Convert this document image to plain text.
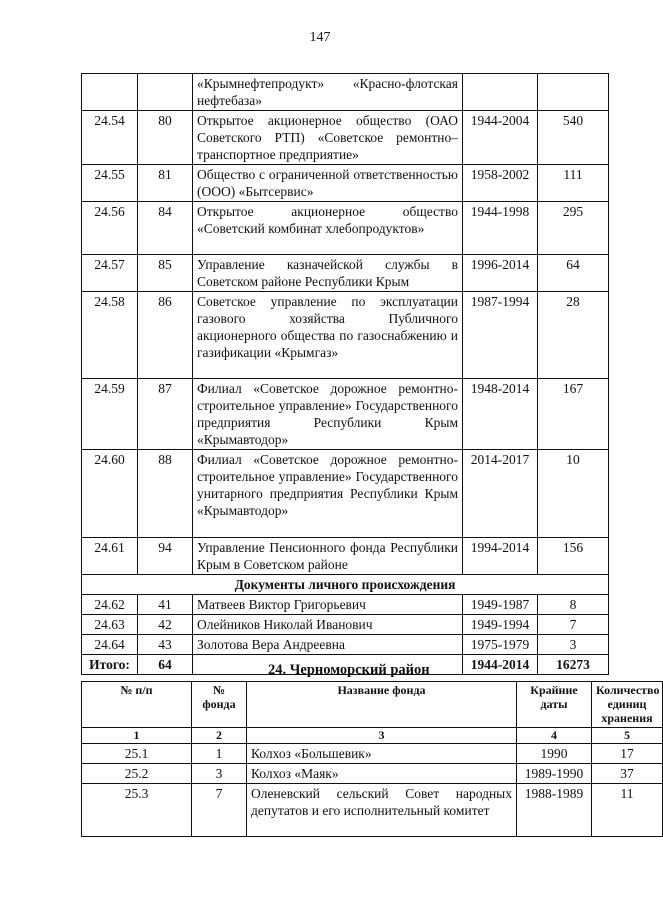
147
		«Крымнефтепродукт» «Красно-флотская нефтебаза»		
24.54	80	Открытое акционерное общество (ОАО Советского РТП) «Советское ремонтно–транспортное предприятие»	1944-2004	540
24.55	81	Общество с ограниченной ответственностью (ООО) «Бытсервис»	1958-2002	111
24.56	84	Открытое акционерное общество «Советский комбинат хлебопродуктов»	1944-1998	295
24.57	85	Управление казначейской службы в Советском районе Республики Крым	1996-2014	64
24.58	86	Советское управление по эксплуатации газового хозяйства Публичного акционерного общества по газоснабжению и газификации «Крымгаз»	1987-1994	28
24.59	87	Филиал «Советское дорожное ремонтно-строительное управление» Государственного предприятия Республики Крым «Крымавтодор»	1948-2014	167
24.60	88	Филиал «Советское дорожное ремонтно-строительное управление» Государственного унитарного предприятия Республики Крым «Крымавтодор»	2014-2017	10
24.61	94	Управление Пенсионного фонда Республики Крым в Советском районе	1994-2014	156
Документы личного происхождения				
24.62	41	Матвеев Виктор Григорьевич	1949-1987	8
24.63	42	Олейников Николай Иванович	1949-1994	7
24.64	43	Золотова Вера Андреевна	1975-1979	3
Итого:	64		1944-2014	16273
24. Черноморский район
№ п/п	№ фонда	Название фонда	Крайние даты	Количество единиц хранения
1	2	3	4	5
25.1	1	Колхоз «Большевик»	1990	17
25.2	3	Колхоз «Маяк»	1989-1990	37
25.3	7	Оленевский сельский Совет народных депутатов и его исполнительный комитет	1988-1989	11
